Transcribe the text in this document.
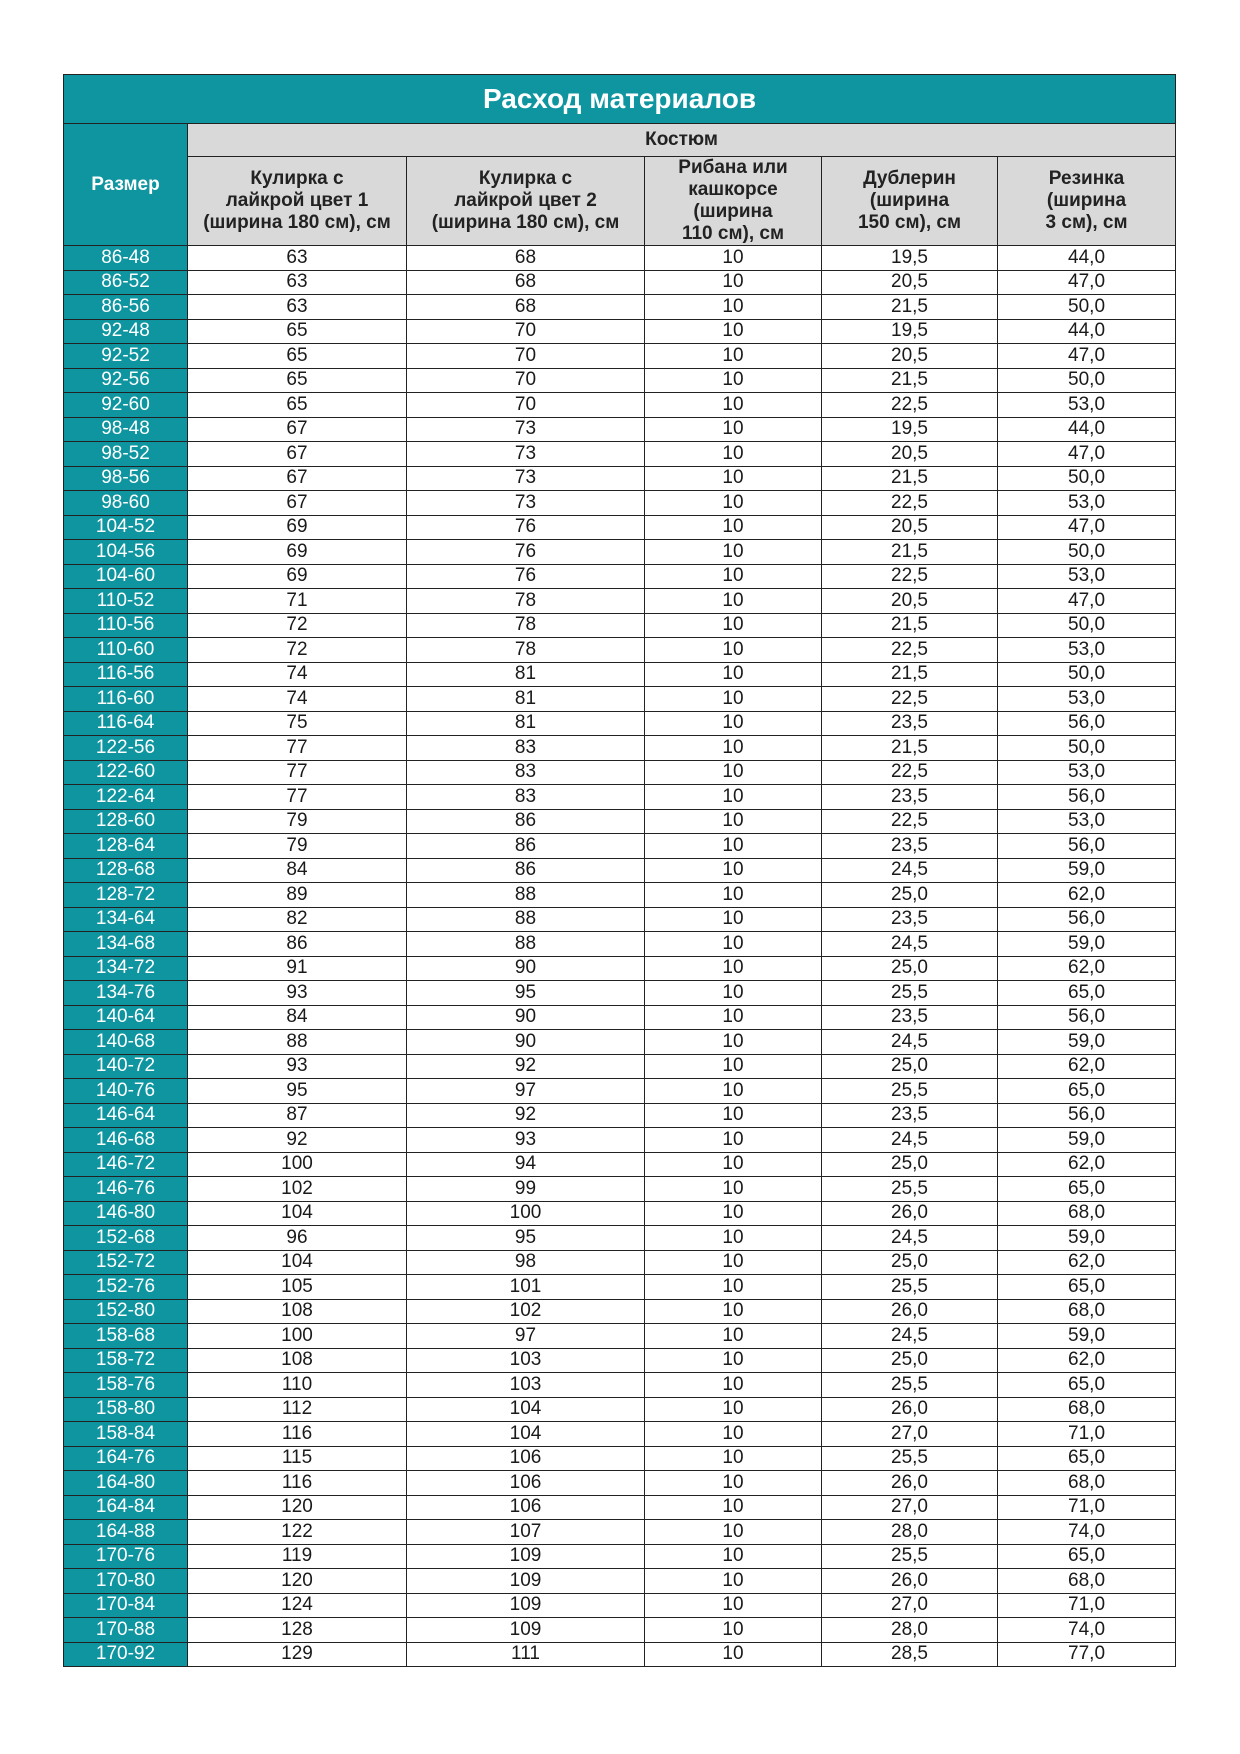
Расход материалов					
Размер	Костюм				

	Кулирка с
лайкрой цвет 1
(ширина 180 см), см	Кулирка с
лайкрой цвет 2
(ширина 180 см), см	Рибана или
кашкорсе
(ширина
110 см), см	Дублерин
(ширина
150 см), см	Резинка
(ширина
3 см), см

86-48	63	68	10	19,5	44,0
86-52	63	68	10	20,5	47,0
86-56	63	68	10	21,5	50,0
92-48	65	70	10	19,5	44,0
92-52	65	70	10	20,5	47,0
92-56	65	70	10	21,5	50,0
92-60	65	70	10	22,5	53,0
98-48	67	73	10	19,5	44,0
98-52	67	73	10	20,5	47,0
98-56	67	73	10	21,5	50,0
98-60	67	73	10	22,5	53,0
104-52	69	76	10	20,5	47,0
104-56	69	76	10	21,5	50,0
104-60	69	76	10	22,5	53,0
110-52	71	78	10	20,5	47,0
110-56	72	78	10	21,5	50,0
110-60	72	78	10	22,5	53,0
116-56	74	81	10	21,5	50,0
116-60	74	81	10	22,5	53,0
116-64	75	81	10	23,5	56,0
122-56	77	83	10	21,5	50,0
122-60	77	83	10	22,5	53,0
122-64	77	83	10	23,5	56,0
128-60	79	86	10	22,5	53,0
128-64	79	86	10	23,5	56,0
128-68	84	86	10	24,5	59,0
128-72	89	88	10	25,0	62,0
134-64	82	88	10	23,5	56,0
134-68	86	88	10	24,5	59,0
134-72	91	90	10	25,0	62,0
134-76	93	95	10	25,5	65,0
140-64	84	90	10	23,5	56,0
140-68	88	90	10	24,5	59,0
140-72	93	92	10	25,0	62,0
140-76	95	97	10	25,5	65,0
146-64	87	92	10	23,5	56,0
146-68	92	93	10	24,5	59,0
146-72	100	94	10	25,0	62,0
146-76	102	99	10	25,5	65,0
146-80	104	100	10	26,0	68,0
152-68	96	95	10	24,5	59,0
152-72	104	98	10	25,0	62,0
152-76	105	101	10	25,5	65,0
152-80	108	102	10	26,0	68,0
158-68	100	97	10	24,5	59,0
158-72	108	103	10	25,0	62,0
158-76	110	103	10	25,5	65,0
158-80	112	104	10	26,0	68,0
158-84	116	104	10	27,0	71,0
164-76	115	106	10	25,5	65,0
164-80	116	106	10	26,0	68,0
164-84	120	106	10	27,0	71,0
164-88	122	107	10	28,0	74,0
170-76	119	109	10	25,5	65,0
170-80	120	109	10	26,0	68,0
170-84	124	109	10	27,0	71,0
170-88	128	109	10	28,0	74,0
170-92	129	111	10	28,5	77,0
